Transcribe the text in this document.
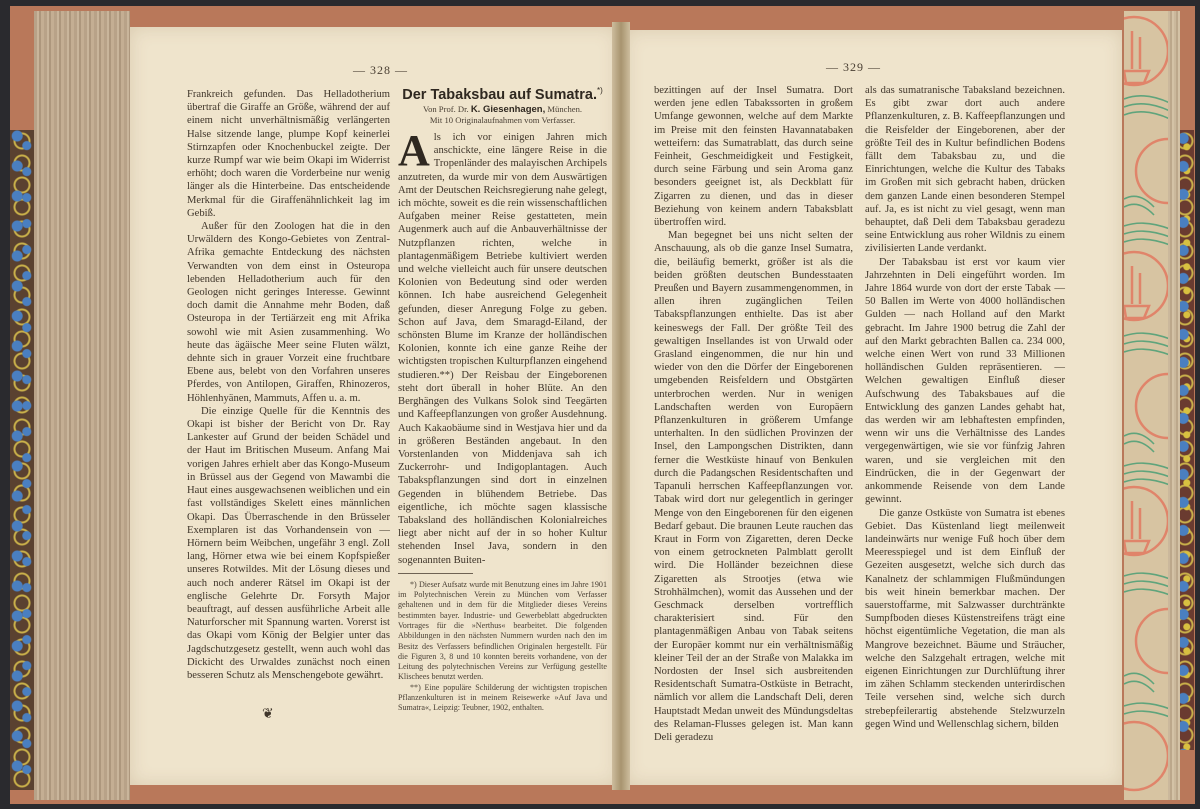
— 328 —

Frankreich gefunden. Das Helladotherium übertraf die Giraffe an Größe, während der auf einem nicht unverhältnismäßig verlängerten Halse sitzende lange, plumpe Kopf keinerlei Stirnzapfen oder Knochenbuckel zeigte. Der kurze Rumpf war wie beim Okapi im Widerrist erhöht; doch waren die Vorderbeine nur wenig länger als die Hinterbeine. Das entscheidende Merkmal für die Giraffenähnlichkeit lag im Gebiß.

Außer für den Zoologen hat die in den Urwäldern des Kongo-Gebietes von Zentral-Afrika gemachte Entdeckung des nächsten Verwandten von dem einst in Osteuropa lebenden Helladotherium auch für den Geologen nicht geringes Interesse. Gewinnt doch damit die Annahme mehr Boden, daß Osteuropa in der Tertiärzeit eng mit Afrika sowohl wie mit Asien zusammenhing. Wo heute das ägäische Meer seine Fluten wälzt, dehnte sich in grauer Vorzeit eine fruchtbare Ebene aus, belebt von den Vorfahren unseres Pferdes, von Antilopen, Giraffen, Rhinozeros, Höhlenhyänen, Mammuts, Affen u. a. m.

Die einzige Quelle für die Kenntnis des Okapi ist bisher der Bericht von Dr. Ray Lankester auf Grund der beiden Schädel und der Haut im Britischen Museum. Anfang Mai vorigen Jahres erhielt aber das Kongo-Museum in Brüssel aus der Gegend von Mawambi die Haut eines ausgewachsenen weiblichen und ein fast vollständiges Skelett eines männlichen Okapi. Das Überraschende in den Brüsseler Exemplaren ist das Vorhandensein von — Hörnern beim Weibchen, ungefähr 3 engl. Zoll lang, Hörner etwa wie bei einem Kopfspießer unseres Rotwildes. Mit der Lösung dieses und auch noch anderer Rätsel im Okapi ist der englische Gelehrte Dr. Forsyth Major beauftragt, auf dessen ausführliche Arbeit alle Naturforscher mit Spannung warten. Vorerst ist das Okapi vom König der Belgier unter das Jagdschutzgesetz gestellt, wenn auch wohl das Dickicht des Urwaldes zunächst noch einen besseren Schutz als Menschengebote gewährt.

❦
Der Tabaksbau auf Sumatra.*)
Von Prof. Dr. K. Giesenhagen, München.
Mit 10 Originalaufnahmen vom Verfasser.

Als ich vor einigen Jahren mich anschickte, eine längere Reise in die Tropenländer des malayischen Archipels anzutreten, da wurde mir von dem Auswärtigen Amt der Deutschen Reichsregierung nahe gelegt, ich möchte, soweit es die rein wissenschaftlichen Aufgaben meiner Reise gestatteten, mein Augenmerk auch auf die Anbauverhältnisse der Nutzpflanzen richten, welche in plantagenmäßigem Betriebe kultiviert werden und welche vielleicht auch für unsere deutschen Kolonien von Bedeutung sind oder werden können. Ich habe ausreichend Gelegenheit gefunden, dieser Anregung Folge zu geben. Schon auf Java, dem Smaragd-Eiland, der schönsten Blume im Kranze der holländischen Kolonien, konnte ich eine ganze Reihe der wichtigsten tropischen Kulturpflanzen eingehend studieren.**) Der Reisbau der Eingeborenen steht dort überall in hoher Blüte. An den Berghängen des Vulkans Solok sind Teegärten und Kaffeepflanzungen von großer Ausdehnung. Auch Kakaobäume sind in Westjava hier und da in größeren Beständen angebaut. In den Vorstenlanden von Middenjava sah ich Zuckerrohr- und Indigoplantagen. Auch Tabakspflanzungen sind dort in einzelnen Gegenden in blühendem Betriebe. Das eigentliche, ich möchte sagen klassische Tabaksland des holländischen Kolonialreiches liegt aber nicht auf der in so hoher Kultur stehenden Insel Java, sondern in den sogenannten Buiten-

*) Dieser Aufsatz wurde mit Benutzung eines im Jahre 1901 im Polytechnischen Verein zu München vom Verfasser gehaltenen und in dem für die Mitglieder dieses Vereins bestimmten bayer. Industrie- und Gewerbeblatt abgedruckten Vortrages für die »Nerthus« bearbeitet. Die folgenden Abbildungen in den nächsten Nummern wurden nach den im Besitz des Verfassers befindlichen Originalen hergestellt. Für die Figuren 3, 8 und 10 konnten bereits vorhandene, von der Leitung des polytechnischen Vereins zur Verfügung gestellte Klischees benutzt werden.

**) Eine populäre Schilderung der wichtigsten tropischen Pflanzenkulturen ist in meinem Reisewerke »Auf Java und Sumatra«, Leipzig: Teubner, 1902, enthalten.

— 329 —

bezittingen auf der Insel Sumatra. Dort werden jene edlen Tabakssorten in großem Umfange gewonnen, welche auf dem Markte im Preise mit den feinsten Havannatabaken wetteifern: das Sumatrablatt, das durch seine Feinheit, Geschmeidigkeit und Festigkeit, durch seine Färbung und sein Aroma ganz besonders geeignet ist, als Deckblatt für Zigarren zu dienen, und das in dieser Beziehung von keinem andern Tabaksblatt übertroffen wird.

Man begegnet bei uns nicht selten der Anschauung, als ob die ganze Insel Sumatra, die, beiläufig bemerkt, größer ist als die beiden größten deutschen Bundesstaaten Preußen und Bayern zusammengenommen, in allen ihren zugänglichen Teilen Tabakspflanzungen enthielte. Das ist aber keineswegs der Fall. Der größte Teil des gewaltigen Insellandes ist von Urwald oder Grasland eingenommen, die nur hin und wieder von den die Dörfer der Eingeborenen umgebenden Reisfeldern und Obstgärten unterbrochen werden. Nur in wenigen Landschaften werden von Europäern Pflanzenkulturen in größerem Umfange unterhalten. In den südlichen Provinzen der Insel, den Lampongschen Distrikten, dann ferner die Westküste hinauf von Benkulen durch die Padangschen Residentschaften und Tapanuli herrschen Kaffeepflanzungen vor. Tabak wird dort nur gelegentlich in geringer Menge von den Eingeborenen für den eigenen Bedarf gebaut. Die braunen Leute rauchen das Kraut in Form von Zigaretten, deren Decke von einem getrockneten Palmblatt gerollt wird. Die Holländer bezeichnen diese Zigaretten als Strootjes (etwa wie Strohhälmchen), womit das Aussehen und der Geschmack derselben vortrefflich charakterisiert sind. Für den plantagenmäßigen Anbau von Tabak seitens der Europäer kommt nur ein verhältnismäßig kleiner Teil der an der Straße von Malakka im Nordosten der Insel sich ausbreitenden Residentschaft Sumatra-Ostküste in Betracht, nämlich vor allem die Landschaft Deli, deren Hauptstadt Medan unweit des Mündungsdeltas des Relaman-Flusses gelegen ist. Man kann Deli geradezu

als das sumatranische Tabaksland bezeichnen. Es gibt zwar dort auch andere Pflanzenkulturen, z. B. Kaffeepflanzungen und die Reisfelder der Eingeborenen, aber der größte Teil des in Kultur befindlichen Bodens fällt dem Tabaksbau zu, und die Einrichtungen, welche die Kultur des Tabaks im Großen mit sich gebracht haben, drücken dem ganzen Lande einen besonderen Stempel auf. Ja, es ist nicht zu viel gesagt, wenn man behauptet, daß Deli dem Tabaksbau geradezu seine Entwicklung aus roher Wildnis zu einem zivilisierten Lande verdankt.

Der Tabaksbau ist erst vor kaum vier Jahrzehnten in Deli eingeführt worden. Im Jahre 1864 wurde von dort der erste Tabak — 50 Ballen im Werte von 4000 holländischen Gulden — nach Holland auf den Markt gebracht. Im Jahre 1900 betrug die Zahl der auf den Markt gebrachten Ballen ca. 234 000, welche einen Wert von rund 33 Millionen holländischen Gulden repräsentieren. — Welchen gewaltigen Einfluß dieser Aufschwung des Tabaksbaues auf die Entwicklung des ganzen Landes gehabt hat, das werden wir am lebhaftesten empfinden, wenn wir uns die Verhältnisse des Landes vergegenwärtigen, wie sie vor fünfzig Jahren waren, und sie vergleichen mit den Eindrücken, die in der Gegenwart der ankommende Reisende von dem Lande gewinnt.

Die ganze Ostküste von Sumatra ist ebenes Gebiet. Das Küstenland liegt meilenweit landeinwärts nur wenige Fuß hoch über dem Meeresspiegel und ist dem Einfluß der Gezeiten ausgesetzt, welche sich durch das Kanalnetz der schlammigen Flußmündungen bis weit hinein bemerkbar machen. Der sauerstoffarme, mit Salzwasser durchtränkte Sumpfboden dieses Küstenstreifens trägt eine höchst eigentümliche Vegetation, die man als Mangrove bezeichnet. Bäume und Sträucher, welche den Salzgehalt ertragen, welche mit eigenen Einrichtungen zur Durchlüftung ihrer im zähen Schlamm steckenden unterirdischen Teile versehen sind, welche sich durch strebepfeilerartig abstehende Stelzwurzeln gegen Wind und Wellenschlag sichern, bilden
